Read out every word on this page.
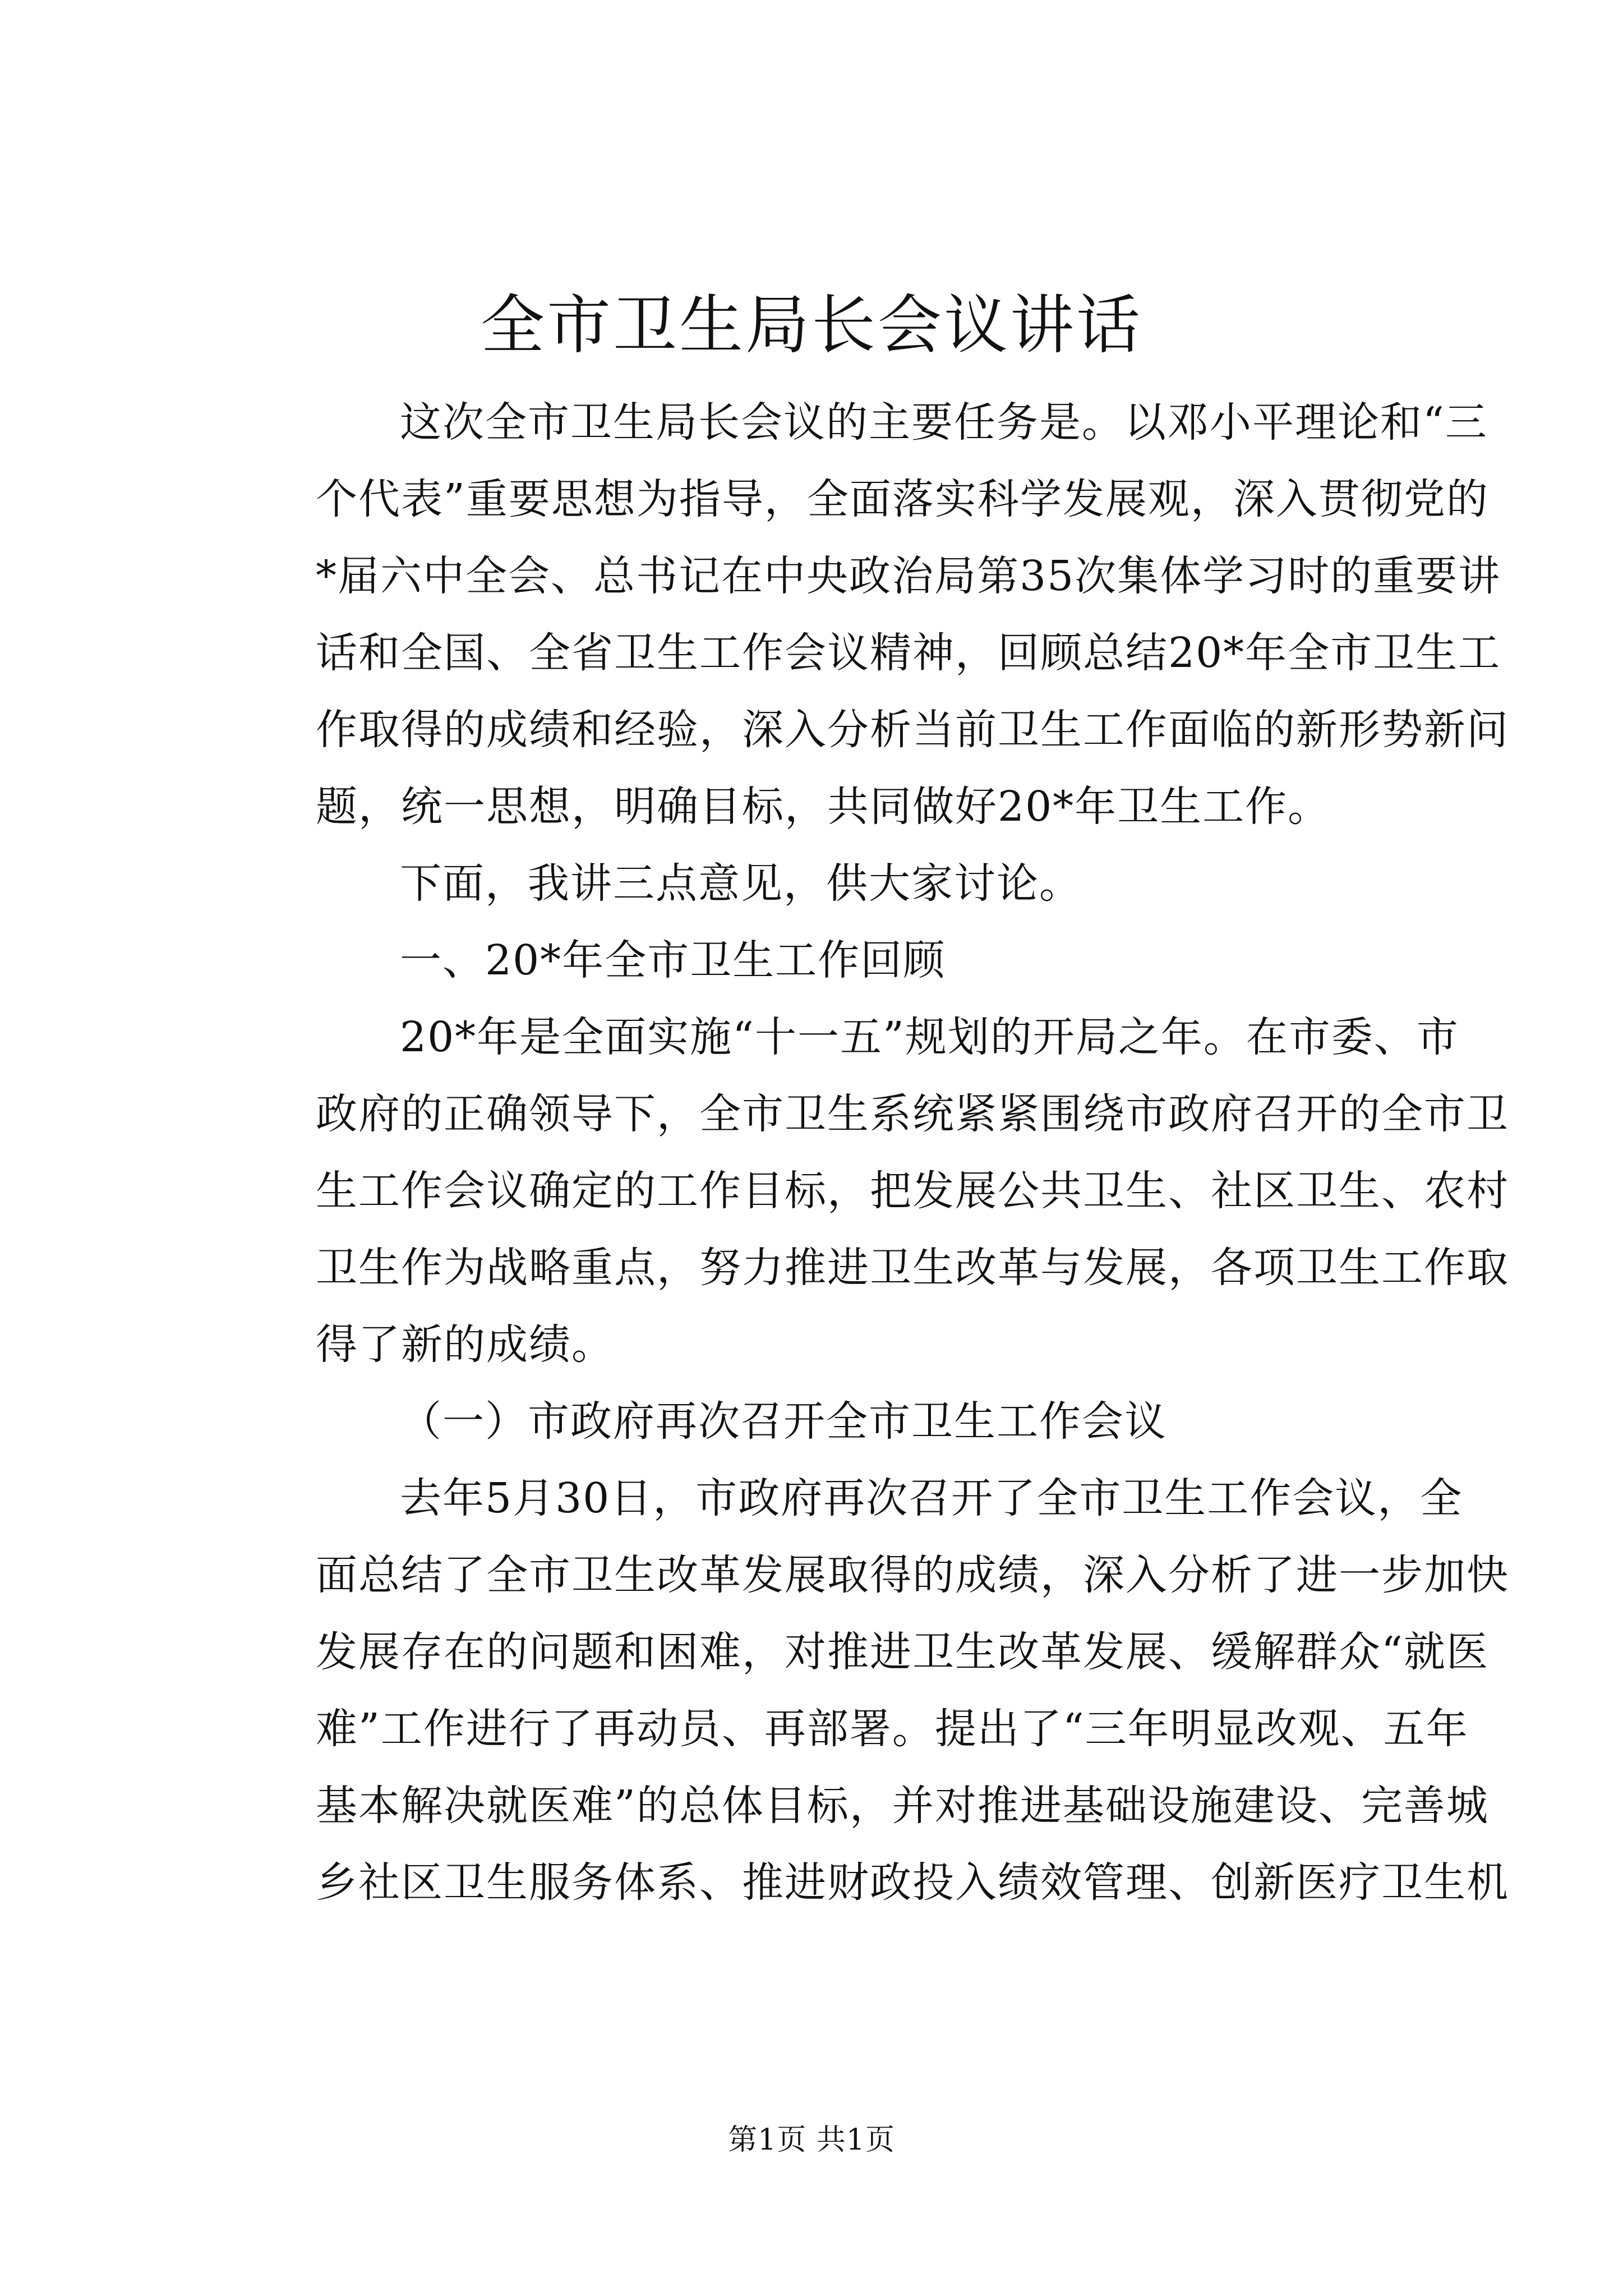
全市卫生局长会议讲话
这次全市卫生局长会议的主要任务是。以邓小平理论和“三
个代表”重要思想为指导，全面落实科学发展观，深入贯彻党的
*届六中全会、总书记在中央政治局第35次集体学习时的重要讲
话和全国、全省卫生工作会议精神，回顾总结20*年全市卫生工
作取得的成绩和经验，深入分析当前卫生工作面临的新形势新问
题，统一思想，明确目标，共同做好20*年卫生工作。
下面，我讲三点意见，供大家讨论。
一、20*年全市卫生工作回顾
20*年是全面实施“十一五”规划的开局之年。在市委、市
政府的正确领导下，全市卫生系统紧紧围绕市政府召开的全市卫
生工作会议确定的工作目标，把发展公共卫生、社区卫生、农村
卫生作为战略重点，努力推进卫生改革与发展，各项卫生工作取
得了新的成绩。
（一）市政府再次召开全市卫生工作会议
去年5月30日，市政府再次召开了全市卫生工作会议，全
面总结了全市卫生改革发展取得的成绩，深入分析了进一步加快
发展存在的问题和困难，对推进卫生改革发展、缓解群众“就医
难”工作进行了再动员、再部署。提出了“三年明显改观、五年
基本解决就医难”的总体目标，并对推进基础设施建设、完善城
乡社区卫生服务体系、推进财政投入绩效管理、创新医疗卫生机
第1页 共1页
